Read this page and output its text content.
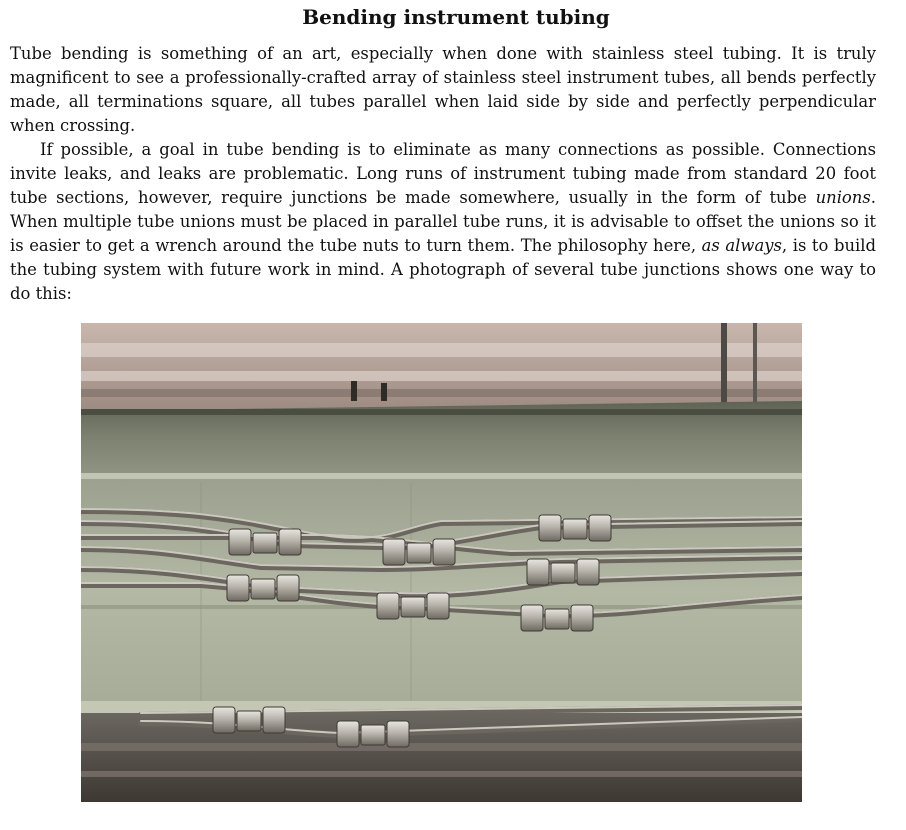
Bending instrument tubing

Tube bending is something of an art, especially when done with stainless steel tubing. It is truly magnificent to see a professionally-crafted array of stainless steel instrument tubes, all bends perfectly made, all terminations square, all tubes parallel when laid side by side and perfectly perpendicular when crossing.

If possible, a goal in tube bending is to eliminate as many connections as possible. Connections invite leaks, and leaks are problematic. Long runs of instrument tubing made from standard 20 foot tube sections, however, require junctions be made somewhere, usually in the form of tube unions. When multiple tube unions must be placed in parallel tube runs, it is advisable to offset the unions so it is easier to get a wrench around the tube nuts to turn them. The philosophy here, as always, is to build the tubing system with future work in mind. A photograph of several tube junctions shows one way to do this:
